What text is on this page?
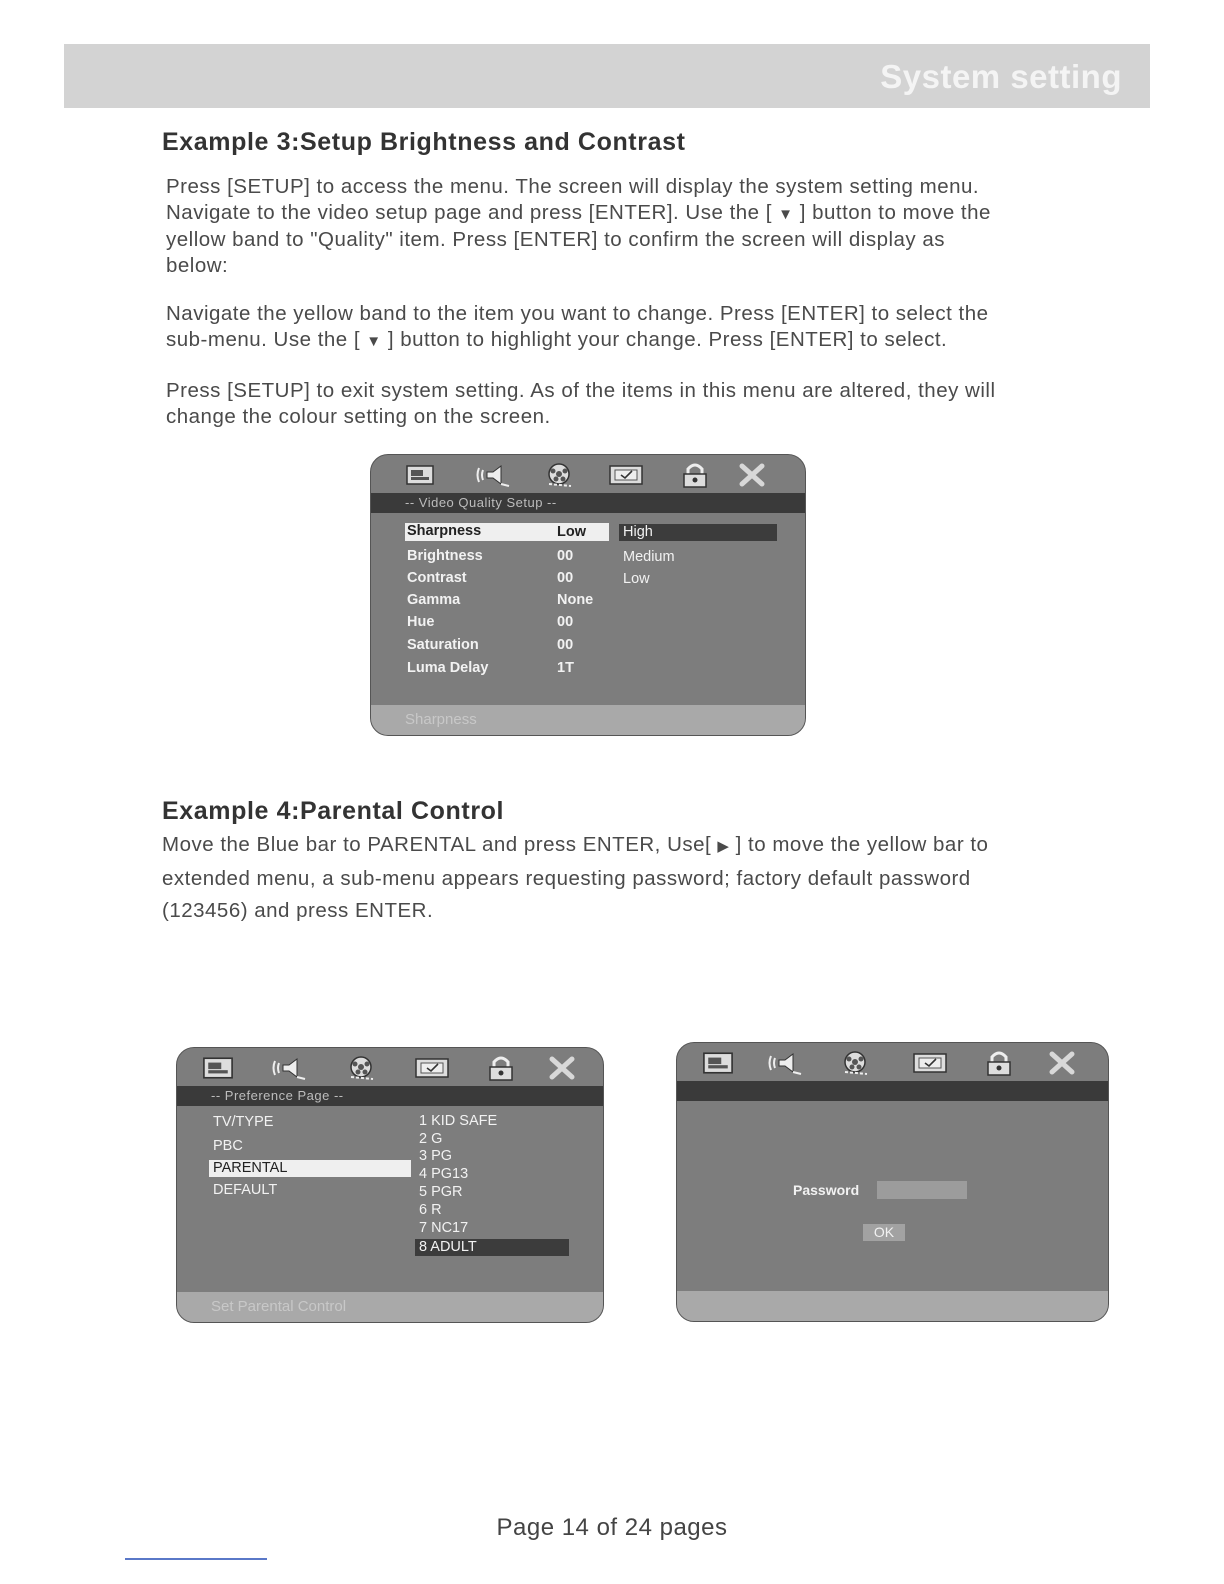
System setting
Example 3:Setup Brightness and Contrast

Press [SETUP] to access the menu. The screen will display the system setting menu.
Navigate to the video setup page and press [ENTER]. Use the [ ▼ ] button to move the
yellow band to "Quality" item. Press [ENTER] to confirm the screen will display as
below:

Navigate the yellow band to the item you want to change. Press [ENTER] to select the
sub-menu. Use the [ ▼ ] button to highlight your change. Press [ENTER] to select.

Press [SETUP] to exit system setting. As of the items in this menu are altered, they will
change the colour setting on the screen.

-- Video Quality Setup --
Sharpness	Low
Brightness	00
Contrast	00
Gamma	None
Hue	00
Saturation	00
Luma Delay	1T
High
Medium
Low
Sharpness
Example 4:Parental Control

Move the Blue bar to PARENTAL and press ENTER, Use[ ▶ ] to move the yellow bar to
extended menu, a sub-menu appears requesting password; factory default password
(123456) and press ENTER.

-- Preference Page --
TV/TYPE
PBC
PARENTAL
DEFAULT
1 KID SAFE
2 G
3 PG
4 PG13
5 PGR
6 R
7 NC17
8 ADULT
Set Parental Control
Password
OK
Page 14 of 24 pages
